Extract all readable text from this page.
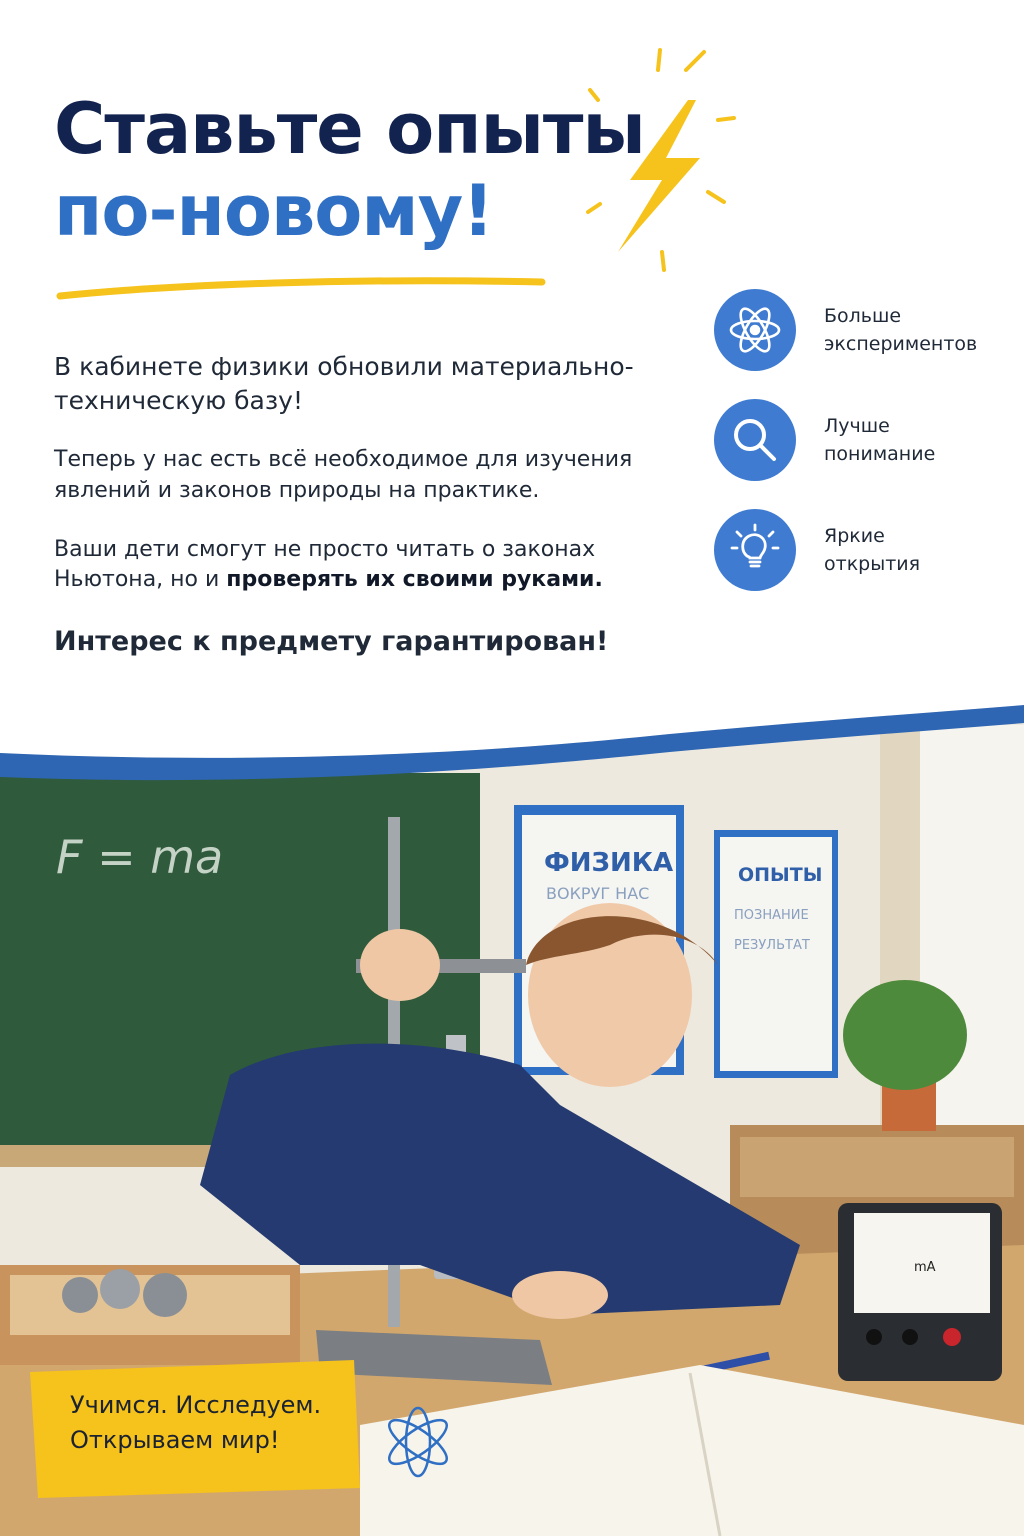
Ставьте опыты
по-новому!

В кабинете физики обновили материально-техническую базу!

Теперь у нас есть всё необходимое для изучения явлений и законов природы на практике.

Ваши дети смогут не просто читать о законах Ньютона, но и проверять их своими руками.

Интерес к предмету гарантирован!

Больше
экспериментов
Лучше
понимание
Яркие
открытия
F = ma	ФИЗИКА
ВОКРУГ НАС
ОПЫТЫ
ПОЗНАНИЕ
РЕЗУЛЬТАТ
mA
Учимся. Исследуем.
Открываем мир!
